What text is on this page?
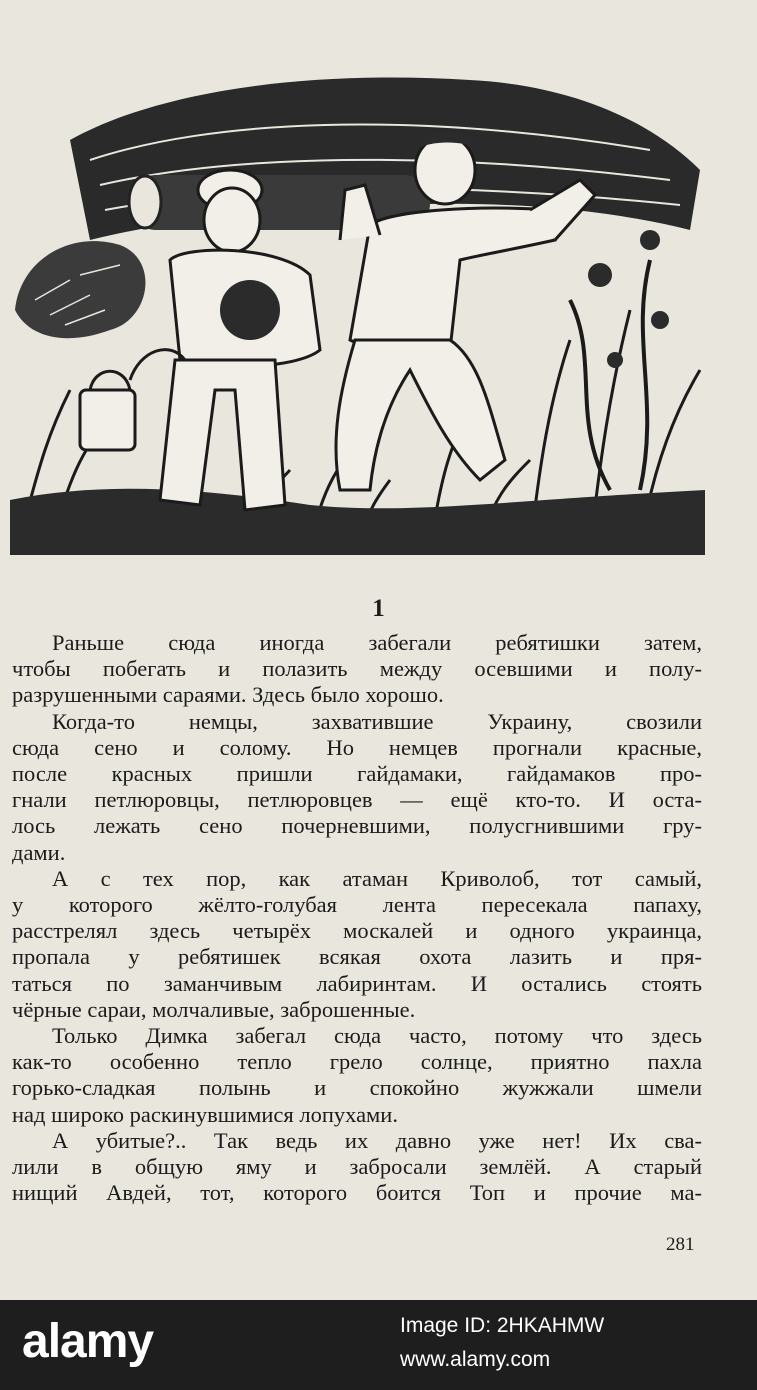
1
Раньше сюда иногда забегали ребятишки затем,
чтобы побегать и полазить между осевшими и полу-
разрушенными сараями. Здесь было хорошо.
Когда-то немцы, захватившие Украину, свозили
сюда сено и солому. Но немцев прогнали красные,
после красных пришли гайдамаки, гайдамаков про-
гнали петлюровцы, петлюровцев — ещё кто-то. И оста-
лось лежать сено почерневшими, полусгнившими гру-
дами.
А с тех пор, как атаман Криволоб, тот самый,
у которого жёлто-голубая лента пересекала папаху,
расстрелял здесь четырёх москалей и одного украинца,
пропала у ребятишек всякая охота лазить и пря-
таться по заманчивым лабиринтам. И остались стоять
чёрные сараи, молчаливые, заброшенные.
Только Димка забегал сюда часто, потому что здесь
как-то особенно тепло грело солнце, приятно пахла
горько-сладкая полынь и спокойно жужжали шмели
над широко раскинувшимися лопухами.
А убитые?.. Так ведь их давно уже нет! Их сва-
лили в общую яму и забросали землёй. А старый
нищий Авдей, тот, которого боится Топ и прочие ма-
281
alamy	Image ID: 2HKAHMW
www.alamy.com
